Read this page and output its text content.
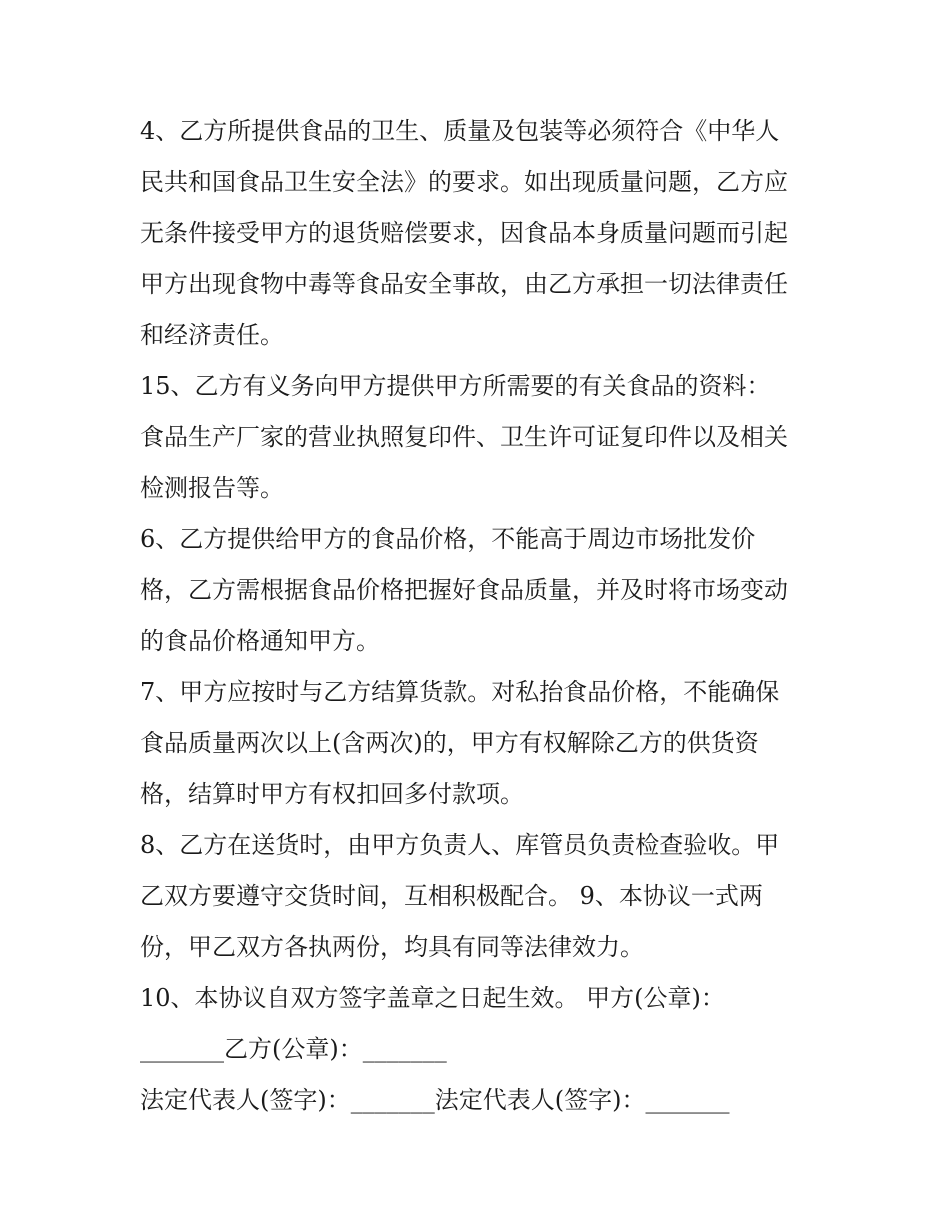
4、乙方所提供食品的卫生、质量及包装等必须符合《中华人
民共和国食品卫生安全法》的要求。如出现质量问题，乙方应
无条件接受甲方的退货赔偿要求，因食品本身质量问题而引起
甲方出现食物中毒等食品安全事故，由乙方承担一切法律责任
和经济责任。
15、乙方有义务向甲方提供甲方所需要的有关食品的资料：
食品生产厂家的营业执照复印件、卫生许可证复印件以及相关
检测报告等。
6、乙方提供给甲方的食品价格，不能高于周边市场批发价
格，乙方需根据食品价格把握好食品质量，并及时将市场变动
的食品价格通知甲方。
7、甲方应按时与乙方结算货款。对私抬食品价格，不能确保
食品质量两次以上(含两次)的，甲方有权解除乙方的供货资
格，结算时甲方有权扣回多付款项。
8、乙方在送货时，由甲方负责人、库管员负责检查验收。甲
乙双方要遵守交货时间，互相积极配合。 9、本协议一式两
份，甲乙双方各执两份，均具有同等法律效力。
10、本协议自双方签字盖章之日起生效。 甲方(公章)：
_______乙方(公章)：_______
法定代表人(签字)：_______法定代表人(签字)：_______
